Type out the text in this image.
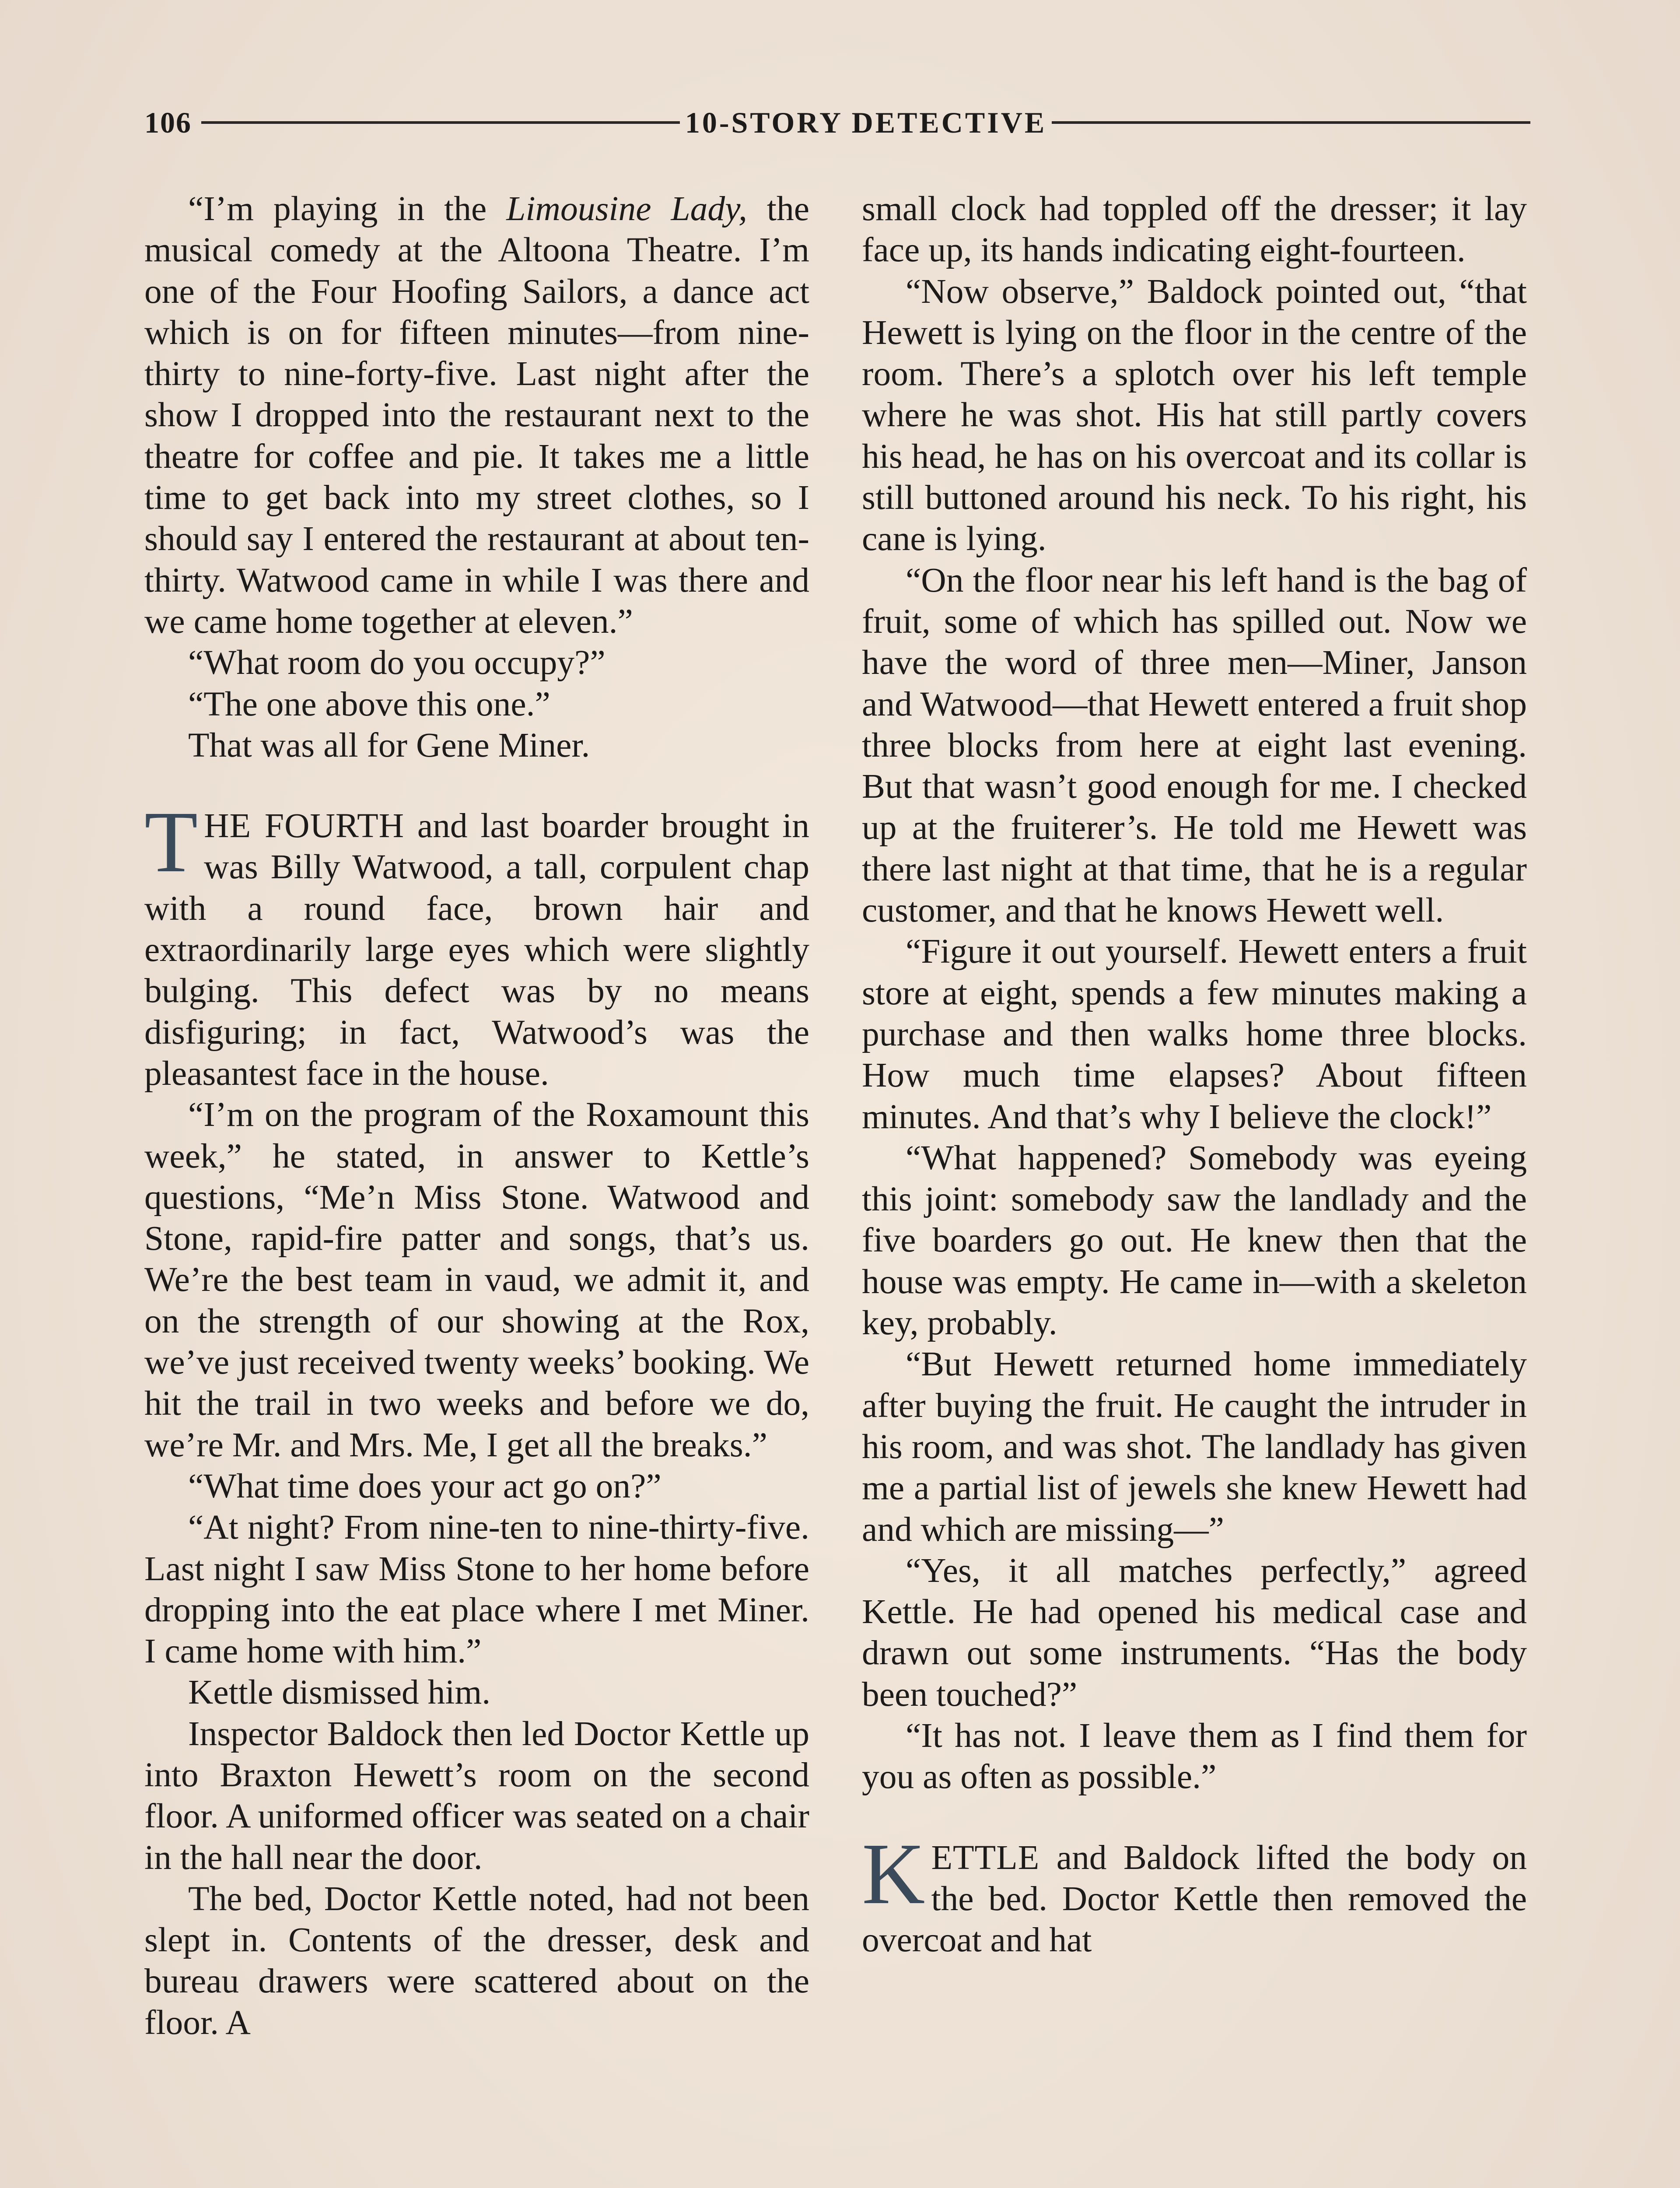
106	10-STORY DETECTIVE

“I’m playing in the Limousine Lady, the musical comedy at the Altoona Theatre. I’m one of the Four Hoofing Sailors, a dance act which is on for fifteen minutes—from nine-thirty to nine-forty-five. Last night after the show I dropped into the restaurant next to the theatre for coffee and pie. It takes me a little time to get back into my street clothes, so I should say I entered the restaurant at about ten-thirty. Watwood came in while I was there and we came home together at eleven.”

“What room do you occupy?”

“The one above this one.”

That was all for Gene Miner.

THE FOURTH and last boarder brought in was Billy Watwood, a tall, corpulent chap with a round face, brown hair and extraordinarily large eyes which were slightly bulging. This defect was by no means disfiguring; in fact, Watwood’s was the pleasantest face in the house.

“I’m on the program of the Roxamount this week,” he stated, in answer to Kettle’s questions, “Me’n Miss Stone. Watwood and Stone, rapid-fire patter and songs, that’s us. We’re the best team in vaud, we admit it, and on the strength of our showing at the Rox, we’ve just received twenty weeks’ booking. We hit the trail in two weeks and before we do, we’re Mr. and Mrs. Me, I get all the breaks.”

“What time does your act go on?”

“At night? From nine-ten to nine-thirty-five. Last night I saw Miss Stone to her home before dropping into the eat place where I met Miner. I came home with him.”

Kettle dismissed him.

Inspector Baldock then led Doctor Kettle up into Braxton Hewett’s room on the second floor. A uniformed officer was seated on a chair in the hall near the door.

The bed, Doctor Kettle noted, had not been slept in. Contents of the dresser, desk and bureau drawers were scattered about on the floor. A

small clock had toppled off the dresser; it lay face up, its hands indicating eight-fourteen.

“Now observe,” Baldock pointed out, “that Hewett is lying on the floor in the centre of the room. There’s a splotch over his left temple where he was shot. His hat still partly covers his head, he has on his overcoat and its collar is still buttoned around his neck. To his right, his cane is lying.

“On the floor near his left hand is the bag of fruit, some of which has spilled out. Now we have the word of three men—Miner, Janson and Watwood—that Hewett entered a fruit shop three blocks from here at eight last evening. But that wasn’t good enough for me. I checked up at the fruiterer’s. He told me Hewett was there last night at that time, that he is a regular customer, and that he knows Hewett well.

“Figure it out yourself. Hewett enters a fruit store at eight, spends a few minutes making a purchase and then walks home three blocks. How much time elapses? About fifteen minutes. And that’s why I believe the clock!”

“What happened? Somebody was eyeing this joint: somebody saw the landlady and the five boarders go out. He knew then that the house was empty. He came in—with a skeleton key, probably.

“But Hewett returned home immediately after buying the fruit. He caught the intruder in his room, and was shot. The landlady has given me a partial list of jewels she knew Hewett had and which are missing—”

“Yes, it all matches perfectly,” agreed Kettle. He had opened his medical case and drawn out some instruments. “Has the body been touched?”

“It has not. I leave them as I find them for you as often as possible.”

KETTLE and Baldock lifted the body on the bed. Doctor Kettle then removed the overcoat and hat
